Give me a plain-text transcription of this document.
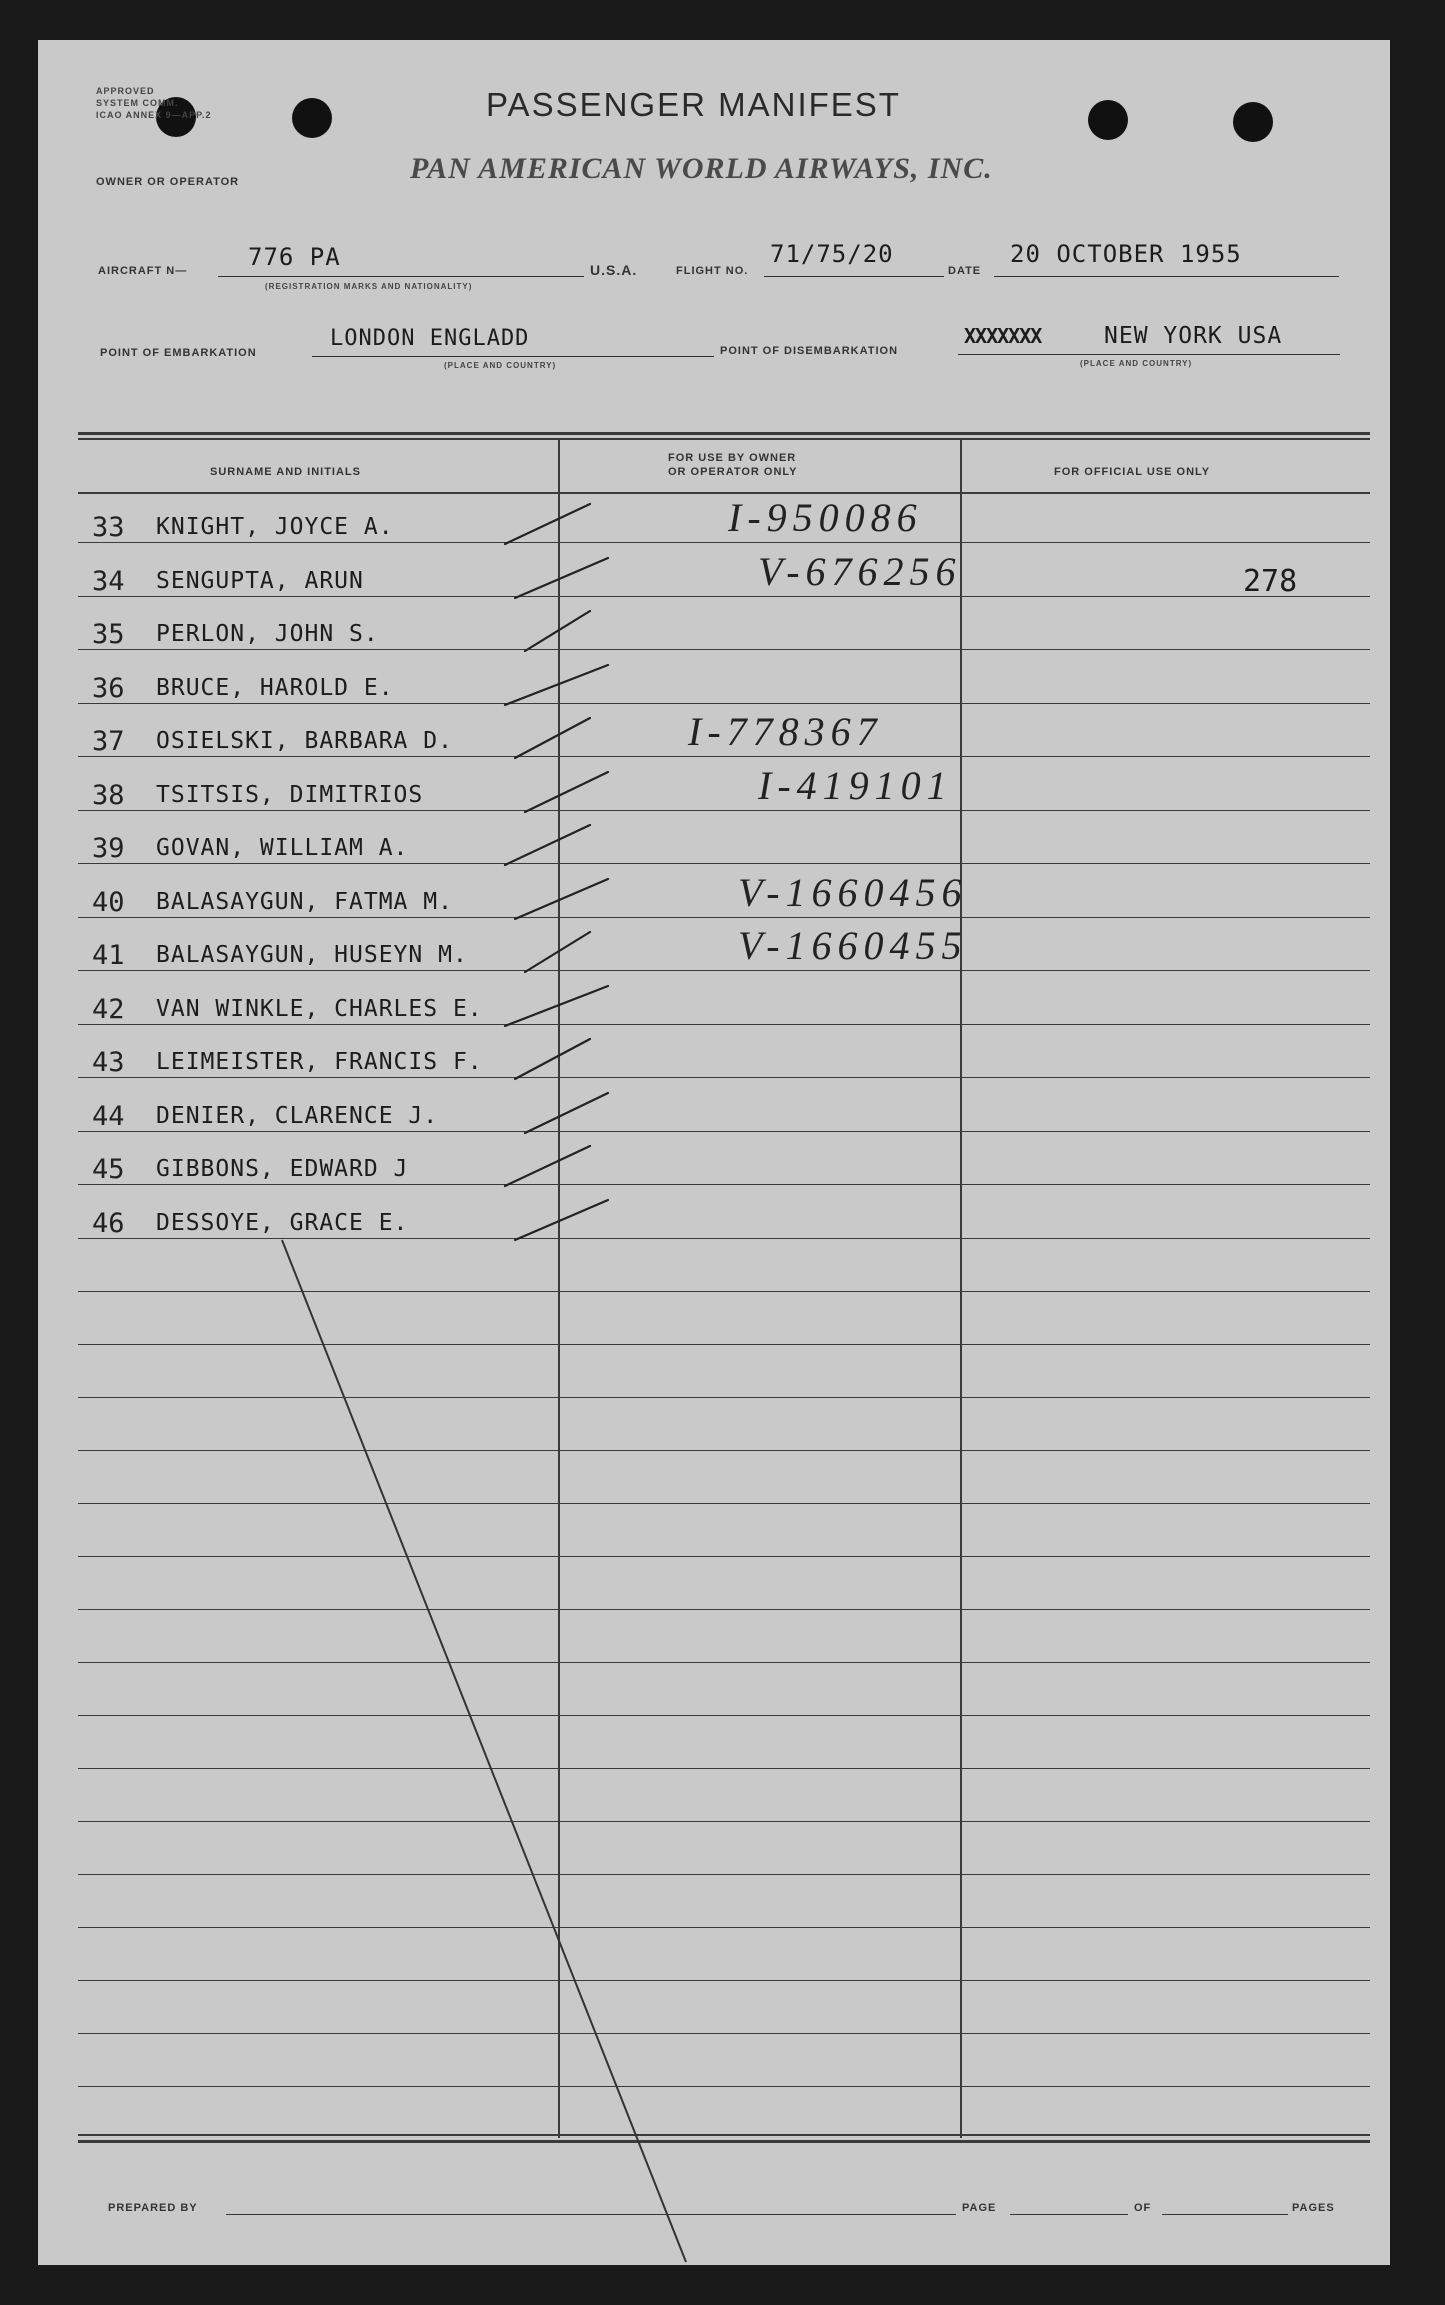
APPROVED
SYSTEM COMM.
ICAO ANNEX 9—APP.2	PASSENGER MANIFEST
PAN AMERICAN WORLD AIRWAYS, INC.
OWNER OR OPERATOR
AIRCRAFT N—	776 PA
(REGISTRATION MARKS AND NATIONALITY)
U.S.A.	FLIGHT NO.
71/75/20
DATE
20 OCTOBER 1955
POINT OF EMBARKATION
LONDON ENGLADD
(PLACE AND COUNTRY)
POINT OF DISEMBARKATION
XXXXXXX	NEW YORK USA
(PLACE AND COUNTRY)
SURNAME AND INITIALS
FOR USE BY OWNER
OR OPERATOR ONLY	FOR OFFICIAL USE ONLY
33 KNIGHT, JOYCE A.	I-950086
34 SENGUPTA, ARUN	V-676256	278
35 PERLON, JOHN S.
36 BRUCE, HAROLD E.
37 OSIELSKI, BARBARA D.	I-778367
38 TSITSIS, DIMITRIOS	I-419101
39 GOVAN, WILLIAM A.
40 BALASAYGUN, FATMA M.	V-1660456
41 BALASAYGUN, HUSEYN M.	V-1660455
42 VAN WINKLE, CHARLES E.
43 LEIMEISTER, FRANCIS F.
44 DENIER, CLARENCE J.
45 GIBBONS, EDWARD J
46 DESSOYE, GRACE E.
PREPARED BY	PAGE	OF	PAGES
